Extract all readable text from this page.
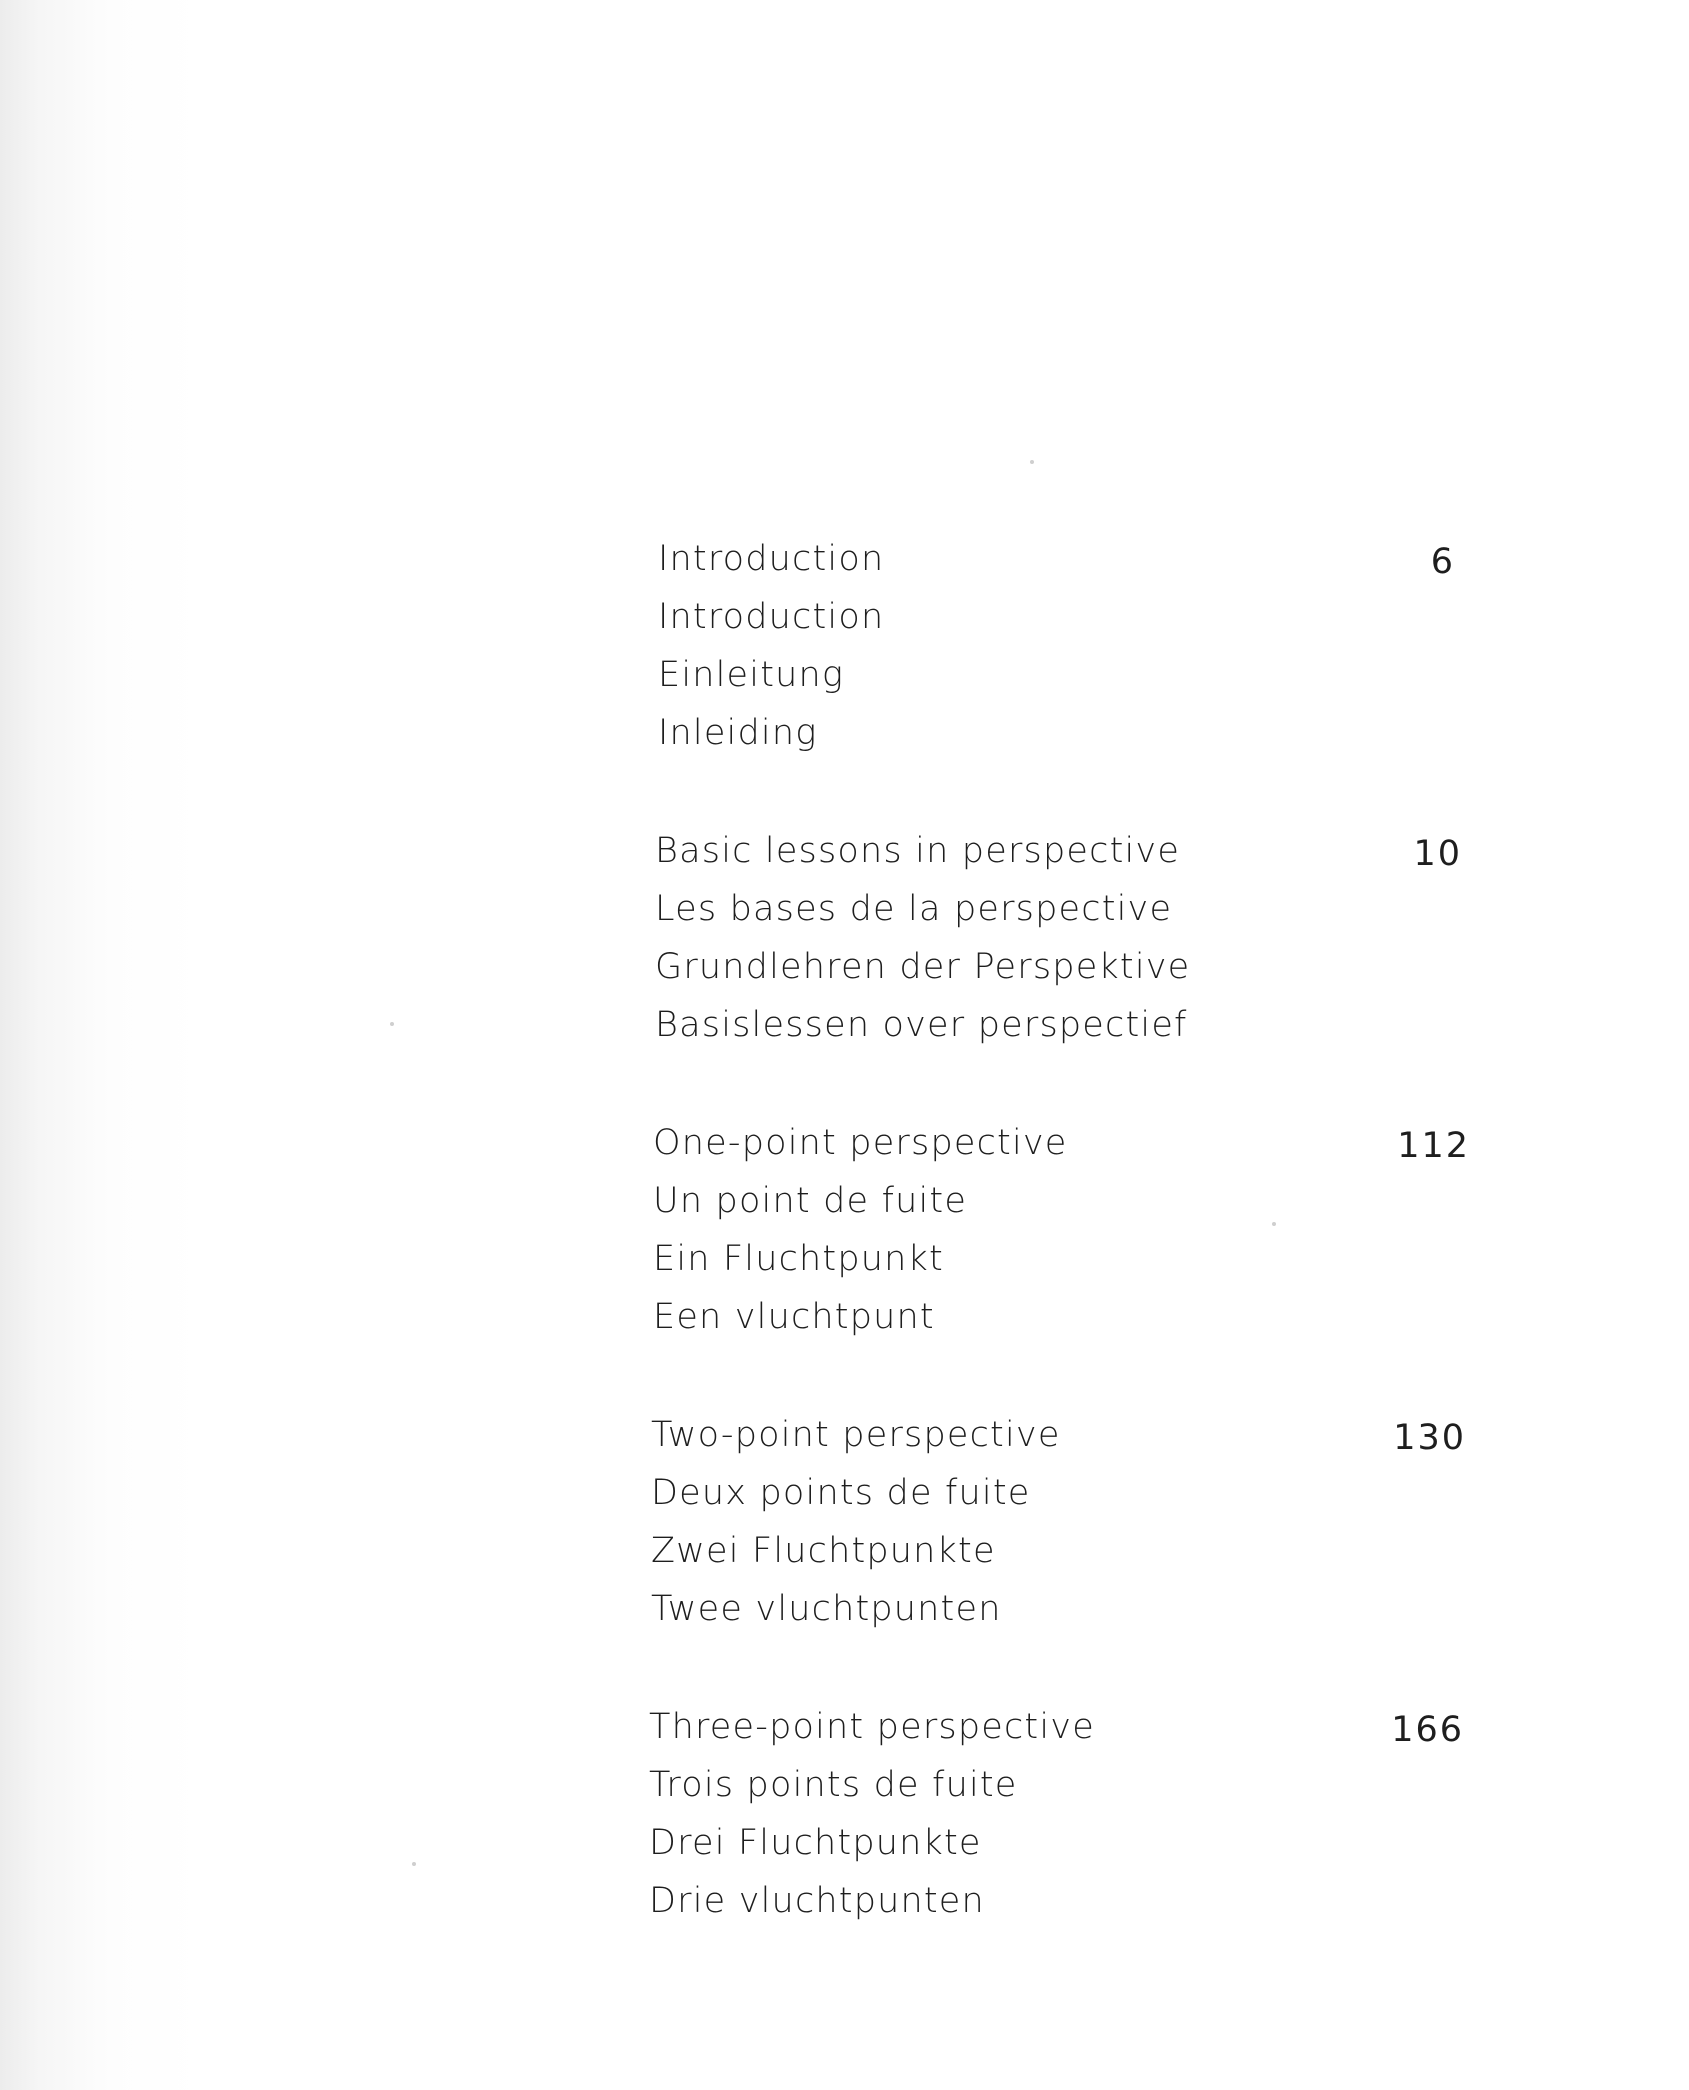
Introduction
Introduction
Einleitung
Inleiding
6
Basic lessons in perspective
Les bases de la perspective
Grundlehren der Perspektive
Basislessen over perspectief
10
One-point perspective
Un point de fuite
Ein Fluchtpunkt
Een vluchtpunt
112
Two-point perspective
Deux points de fuite
Zwei Fluchtpunkte
Twee vluchtpunten
130
Three-point perspective
Trois points de fuite
Drei Fluchtpunkte
Drie vluchtpunten
166
